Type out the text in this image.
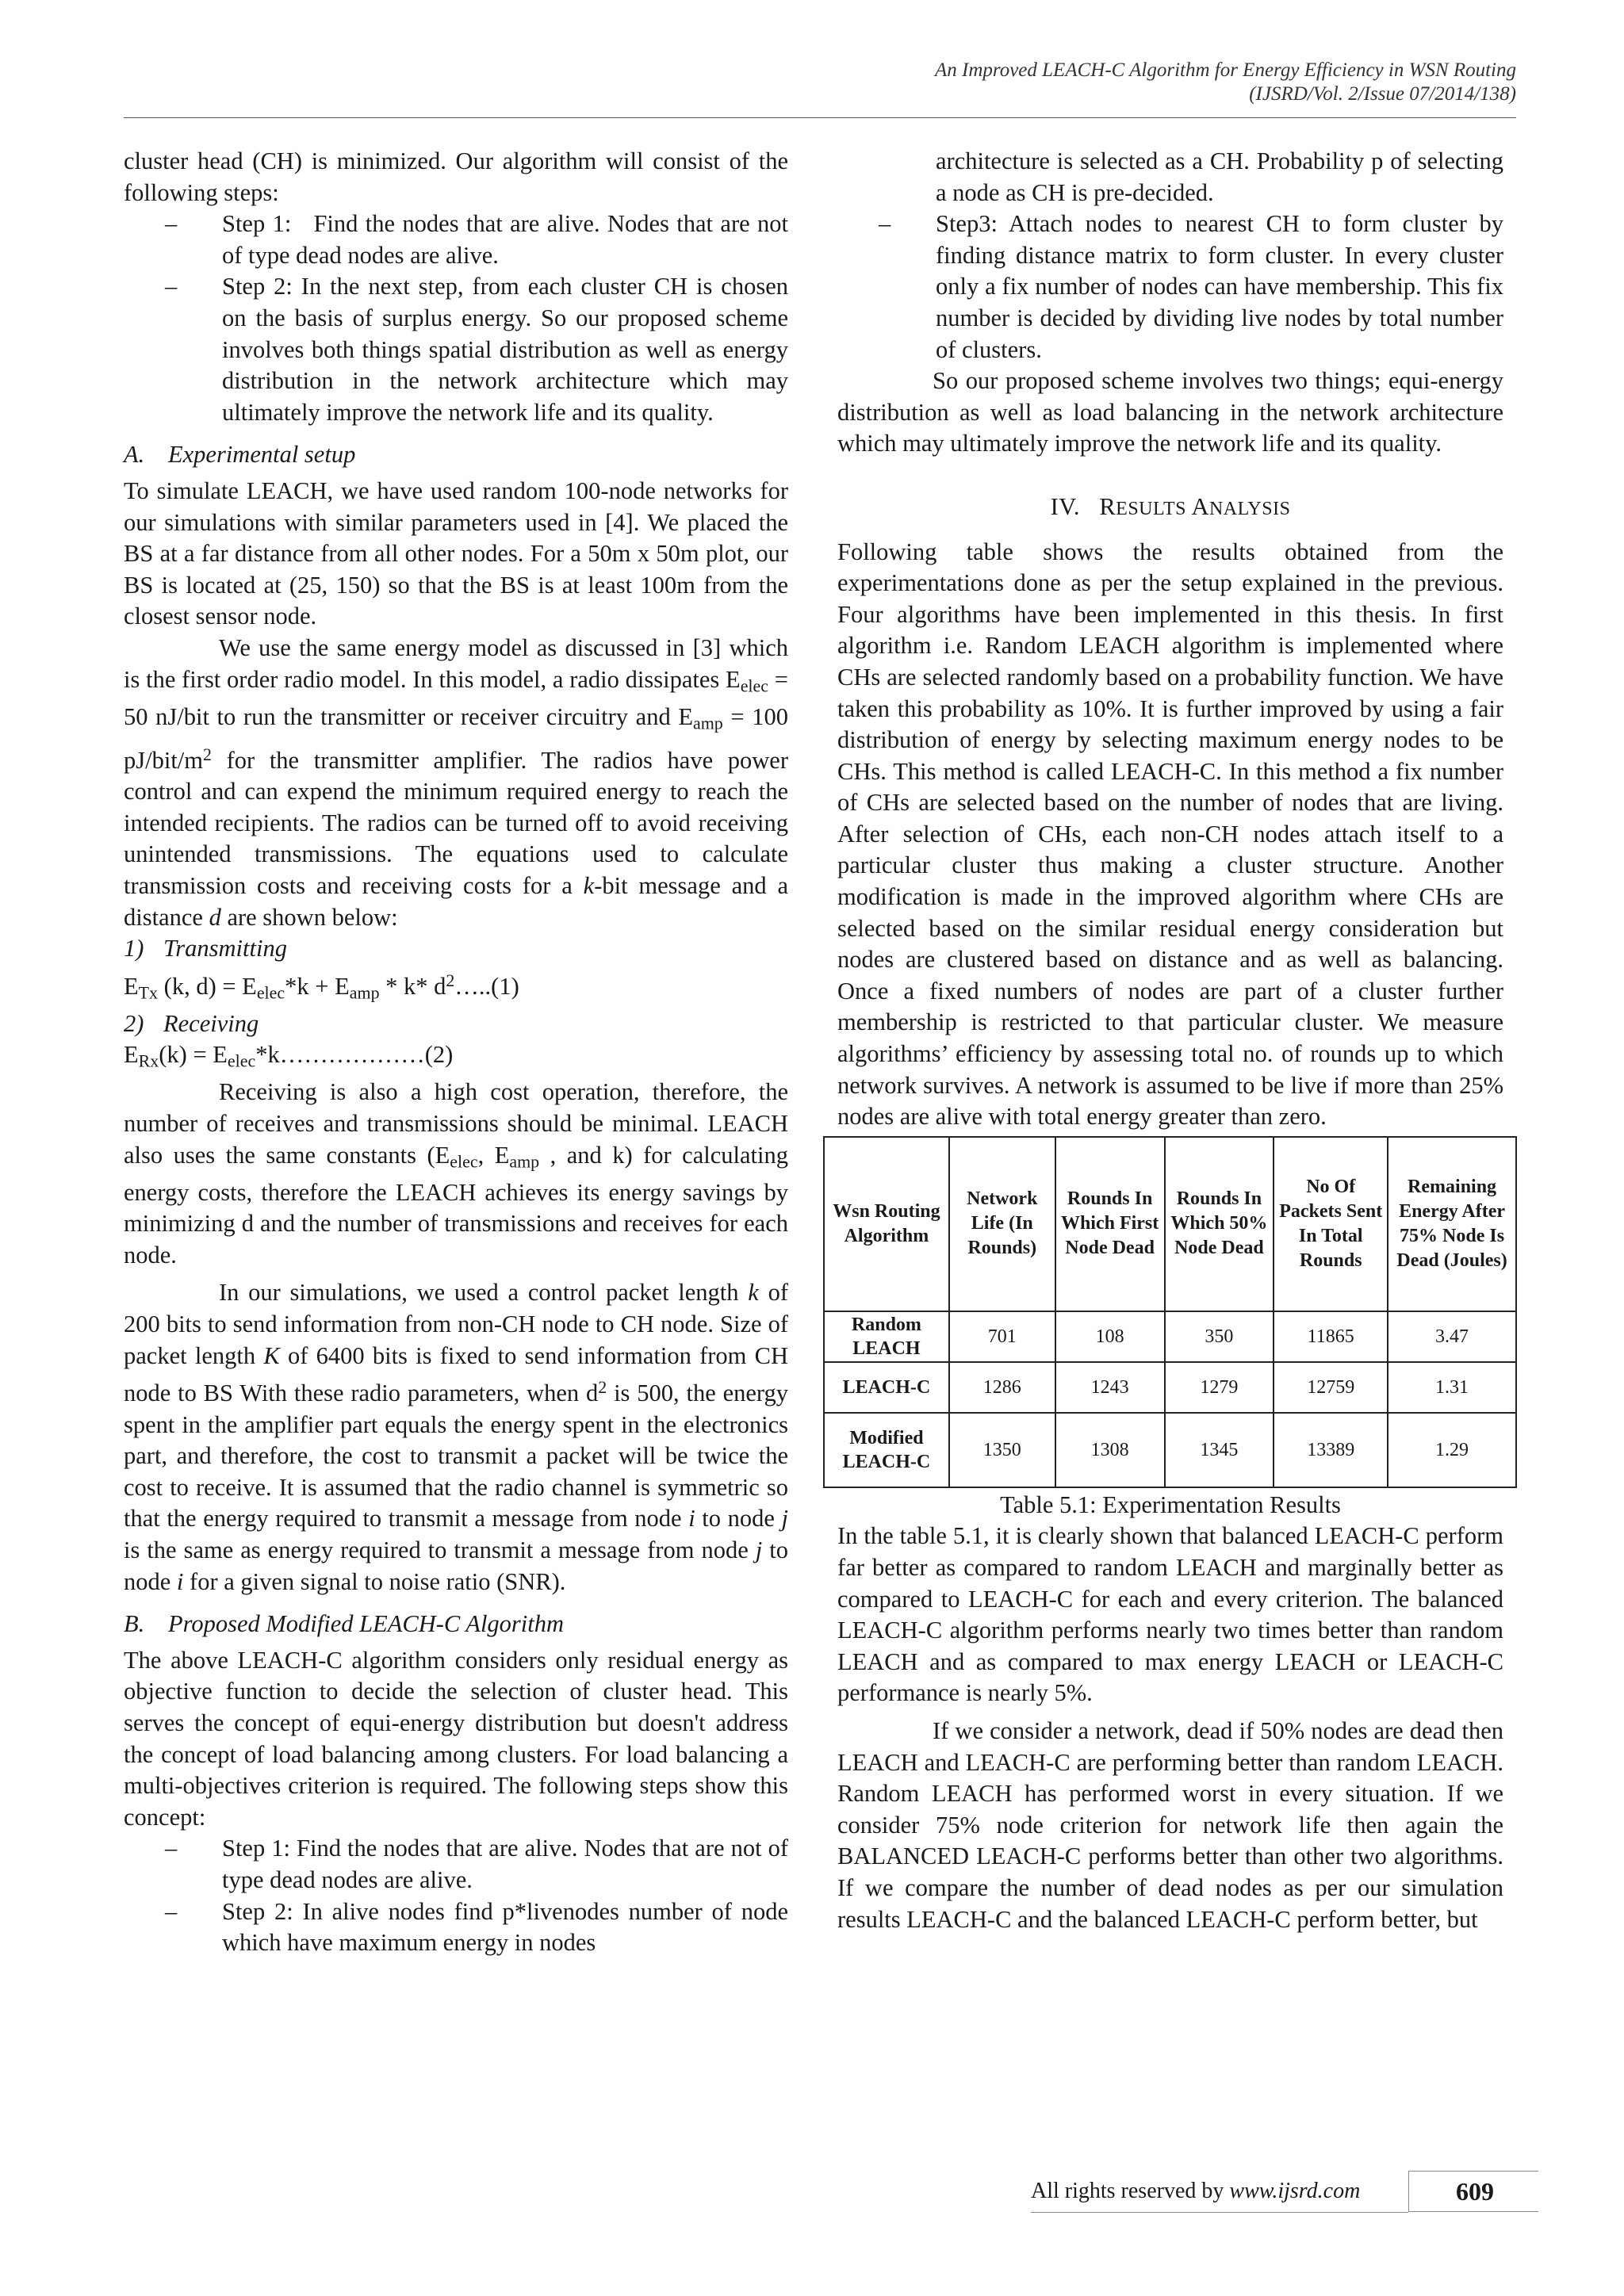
An Improved LEACH-C Algorithm for Energy Efficiency in WSN Routing
(IJSRD/Vol. 2/Issue 07/2014/138)

cluster head (CH) is minimized. Our algorithm will consist of the following steps:

– Step 1:   Find the nodes that are alive. Nodes that are not of type dead nodes are alive.
– Step 2: In the next step, from each cluster CH is chosen on the basis of surplus energy. So our proposed scheme involves both things spatial distribution as well as energy distribution in the network architecture which may ultimately improve the network life and its quality.
A. Experimental setup

To simulate LEACH, we have used random 100-node networks for our simulations with similar parameters used in [4]. We placed the BS at a far distance from all other nodes. For a 50m x 50m plot, our BS is located at (25, 150) so that the BS is at least 100m from the closest sensor node.

We use the same energy model as discussed in [3] which is the first order radio model. In this model, a radio dissipates $E_{elec} = 50$ nJ/bit to run the transmitter or receiver circuitry and $E_{amp} = 100$ $pJ/bit/m^2$ for the transmitter amplifier. The radios have power control and can expend the minimum required energy to reach the intended recipients. The radios can be turned off to avoid receiving unintended transmissions. The equations used to calculate transmission costs and receiving costs for a k-bit message and a distance d are shown below:

1) Transmitting
$E_{Tx}$ (k, $d) = E_{elec}*k + E_{amp} * k*$ $d^2\dots..(1)$
2) Receiving
$E_{Rx}(k)$ = $E_{elec}*k\dots\dots\dots\dots\dots\dots(2)$

Receiving is also a high cost operation, therefore, the number of receives and transmissions should be minimal. LEACH also uses the same constants ($E_{elec}$, $E_{amp}$ , and k) for calculating energy costs, therefore the LEACH achieves its energy savings by minimizing d and the number of transmissions and receives for each node.

In our simulations, we used a control packet length k of 200 bits to send information from non-CH node to CH node. Size of packet length K of 6400 bits is fixed to send information from CH node to BS With these radio parameters, when $d^2$ is 500, the energy spent in the amplifier part equals the energy spent in the electronics part, and therefore, the cost to transmit a packet will be twice the cost to receive. It is assumed that the radio channel is symmetric so that the energy required to transmit a message from node i to node j is the same as energy required to transmit a message from node j to node i for a given signal to noise ratio (SNR).

B. Proposed Modified LEACH-C Algorithm

The above LEACH-C algorithm considers only residual energy as objective function to decide the selection of cluster head. This serves the concept of equi-energy distribution but doesn't address the concept of load balancing among clusters. For load balancing a multi-objectives criterion is required. The following steps show this concept:

– Step 1: Find the nodes that are alive. Nodes that are not of type dead nodes are alive.
– Step 2: In alive nodes find p*livenodes number of node which have maximum energy in nodes
architecture is selected as a CH. Probability p of selecting a node as CH is pre-decided.
– Step3: Attach nodes to nearest CH to form cluster by finding distance matrix to form cluster. In every cluster only a fix number of nodes can have membership. This fix number is decided by dividing live nodes by total number of clusters.

So our proposed scheme involves two things; equi-energy distribution as well as load balancing in the network architecture which may ultimately improve the network life and its quality.

IV. RESULTS ANALYSIS

Following table shows the results obtained from the experimentations done as per the setup explained in the previous. Four algorithms have been implemented in this thesis. In first algorithm i.e. Random LEACH algorithm is implemented where CHs are selected randomly based on a probability function. We have taken this probability as 10%. It is further improved by using a fair distribution of energy by selecting maximum energy nodes to be CHs. This method is called LEACH-C. In this method a fix number of CHs are selected based on the number of nodes that are living. After selection of CHs, each non-CH nodes attach itself to a particular cluster thus making a cluster structure. Another modification is made in the improved algorithm where CHs are selected based on the similar residual energy consideration but nodes are clustered based on distance and as well as balancing. Once a fixed numbers of nodes are part of a cluster further membership is restricted to that particular cluster. We measure algorithms’ efficiency by assessing total no. of rounds up to which network survives. A network is assumed to be live if more than 25% nodes are alive with total energy greater than zero.

Wsn Routing Algorithm	Network Life (In Rounds)	Rounds In Which First Node Dead	Rounds In Which 50% Node Dead	No Of Packets Sent In Total Rounds	Remaining Energy After 75% Node Is Dead (Joules)
Random LEACH	701	108	350	11865	3.47
LEACH-C	1286	1243	1279	12759	1.31
Modified LEACH-C	1350	1308	1345	13389	1.29
Table 5.1: Experimentation Results

In the table 5.1, it is clearly shown that balanced LEACH-C perform far better as compared to random LEACH and marginally better as compared to LEACH-C for each and every criterion. The balanced LEACH-C algorithm performs nearly two times better than random LEACH and as compared to max energy LEACH or LEACH-C performance is nearly 5%.

If we consider a network, dead if 50% nodes are dead then LEACH and LEACH-C are performing better than random LEACH. Random LEACH has performed worst in every situation. If we consider 75% node criterion for network life then again the BALANCED LEACH-C performs better than other two algorithms. If we compare the number of dead nodes as per our simulation results LEACH-C and the balanced LEACH-C perform better, but

All rights reserved by www.ijsrd.com	609
